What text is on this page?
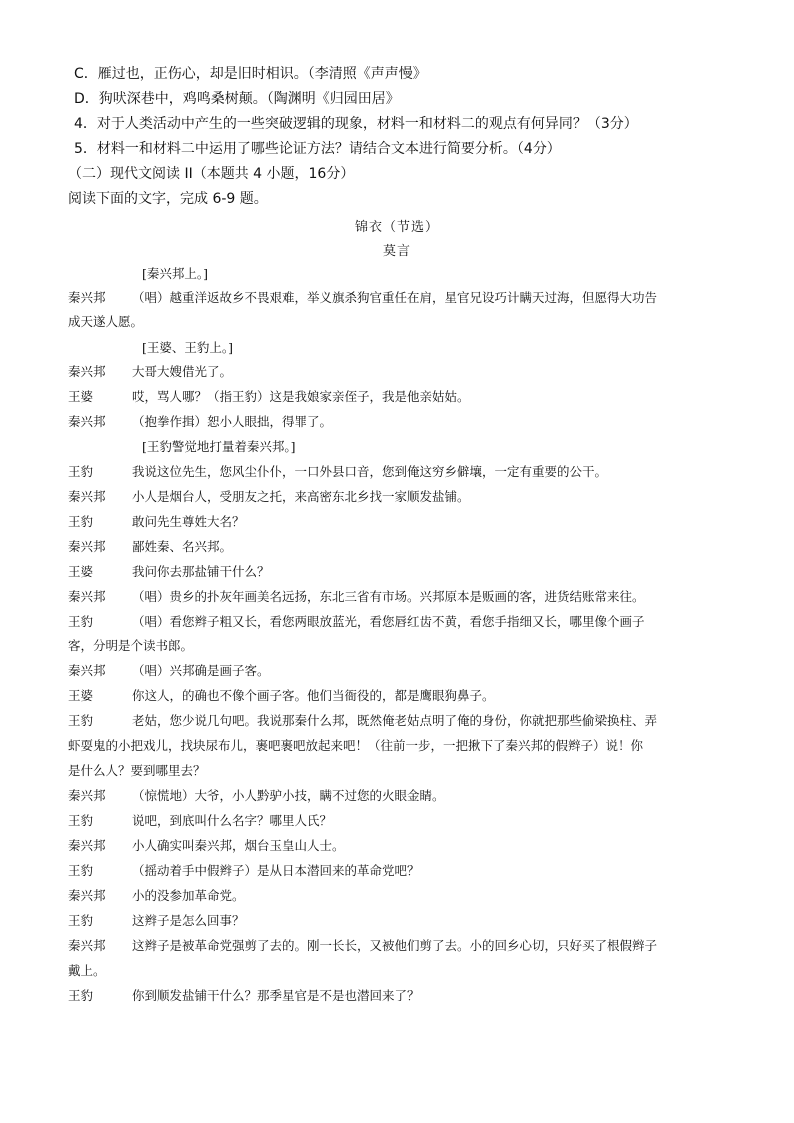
C．雁过也，正伤心，却是旧时相识。（李清照《声声慢》
D．狗吠深巷中，鸡鸣桑树颠。（陶渊明《归园田居》
4．对于人类活动中产生的一些突破逻辑的现象，材料一和材料二的观点有何异同？（3分）
5．材料一和材料二中运用了哪些论证方法？请结合文本进行简要分析。（4分）
（二）现代文阅读 II（本题共 4 小题，16分）
阅读下面的文字，完成 6-9 题。
锦衣（节选）
莫言
[秦兴邦上。]
秦兴邦 （唱）越重洋返故乡不畏艰难，举义旗杀狗官重任在肩，星官兄设巧计瞒天过海，但愿得大功告
成天遂人愿。
[王婆、王豹上。]
秦兴邦 大哥大嫂借光了。
王婆	哎，骂人哪？（指王豹）这是我娘家亲侄子，我是他亲姑姑。
秦兴邦 （抱拳作揖）恕小人眼拙，得罪了。
[王豹警觉地打量着秦兴邦。]
王豹	我说这位先生，您风尘仆仆，一口外县口音，您到俺这穷乡僻壤，一定有重要的公干。
秦兴邦 小人是烟台人，受朋友之托，来高密东北乡找一家顺发盐铺。
王豹	敢问先生尊姓大名？
秦兴邦 鄙姓秦、名兴邦。
王婆	我问你去那盐铺干什么？
秦兴邦 （唱）贵乡的扑灰年画美名远扬，东北三省有市场。兴邦原本是贩画的客，进货结账常来往。
王豹	（唱）看您辫子粗又长，看您两眼放蓝光，看您唇红齿不黄，看您手指细又长，哪里像个画子
客，分明是个读书郎。
秦兴邦 （唱）兴邦确是画子客。
王婆	你这人，的确也不像个画子客。他们当衙役的，都是鹰眼狗鼻子。
王豹	老姑，您少说几句吧。我说那秦什么邦，既然俺老姑点明了俺的身份，你就把那些偷梁换柱、弄
虾耍鬼的小把戏儿，找块尿布儿，裹吧裹吧放起来吧！（往前一步，一把揪下了秦兴邦的假辫子）说！你
是什么人？要到哪里去？
秦兴邦 （惊慌地）大爷，小人黔驴小技，瞒不过您的火眼金睛。
王豹	说吧，到底叫什么名字？哪里人氏？
秦兴邦 小人确实叫秦兴邦，烟台玉皇山人士。
王豹	（摇动着手中假辫子）是从日本潜回来的革命党吧？
秦兴邦 小的没参加革命党。
王豹	这辫子是怎么回事？
秦兴邦 这辫子是被革命党强剪了去的。刚一长长，又被他们剪了去。小的回乡心切，只好买了根假辫子
戴上。
王豹	你到顺发盐铺干什么？那季星官是不是也潜回来了？
